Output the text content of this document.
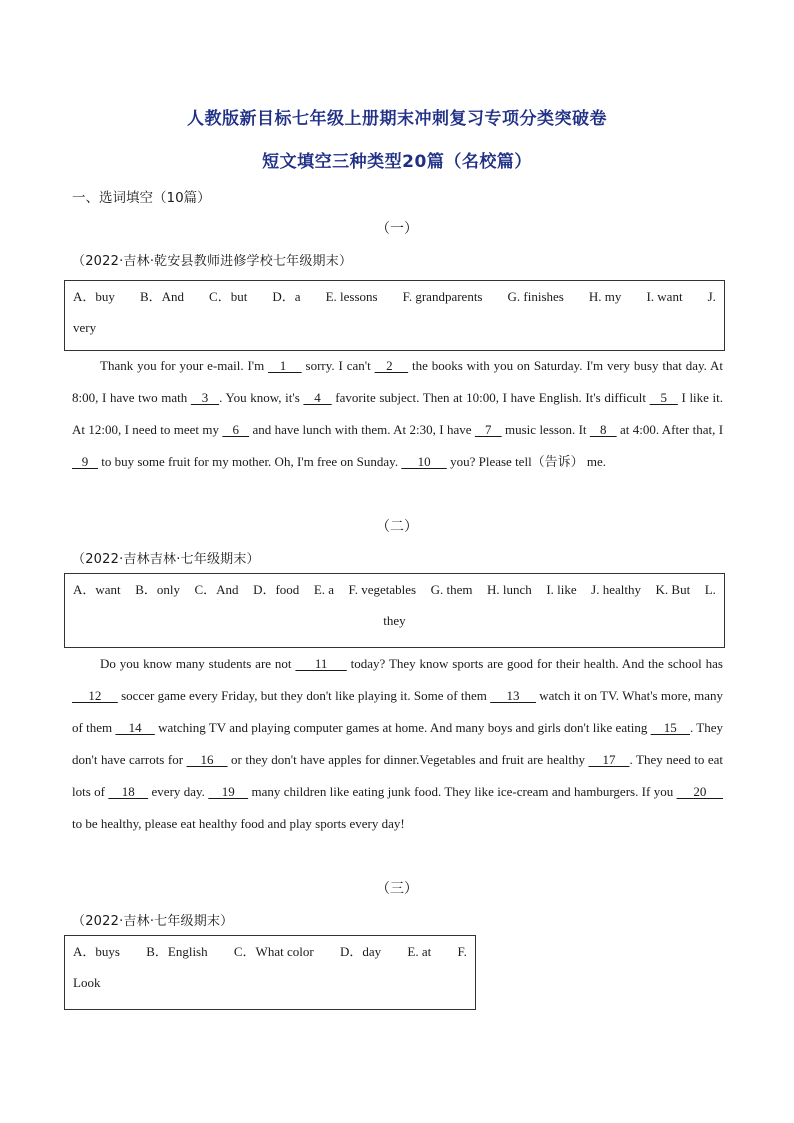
人教版新目标七年级上册期末冲刺复习专项分类突破卷
短文填空三种类型20篇（名校篇）
一、选词填空（10篇）
（一）
（2022·吉林·乾安县教师进修学校七年级期末）
A．buy B．And C．but D．a E. lessons F. grandparents G. finishes H. my I. want J.
very

Thank you for your e-mail. I'm    1     sorry. I can't    2     the books with you on Saturday. I'm very busy that day. At 8:00, I have two math    3   . You know, it's    4    favorite subject. Then at 10:00, I have English. It's difficult    5    I like it. At 12:00, I need to meet my    6    and have lunch with them. At 2:30, I have    7    music lesson. It    8    at 4:00. After that, I    9    to buy some fruit for my mother. Oh, I'm free on Sunday.      10      you? Please tell（告诉） me.

（二）
（2022·吉林吉林·七年级期末）
A．want B．only C．And D．food E. a F. vegetables G. them H. lunch I. like J. healthy K. But L.
they

Do you know many students are not      11      today? They know sports are good for their health. And the school has      12      soccer game every Friday, but they don't like playing it. Some of them      13      watch it on TV. What's more, many of them     14     watching TV and playing computer games at home. And many boys and girls don't like eating     15    . They don't have carrots for     16     or they don't have apples for dinner.Vegetables and fruit are healthy     17    . They need to eat lots of     18     every day.     19     many children like eating junk food. They like ice-cream and hamburgers. If you      20      to be healthy, please eat healthy food and play sports every day!

（三）
（2022·吉林·七年级期末）
A．buys B．English C．What color D．day E. at F.
Look
